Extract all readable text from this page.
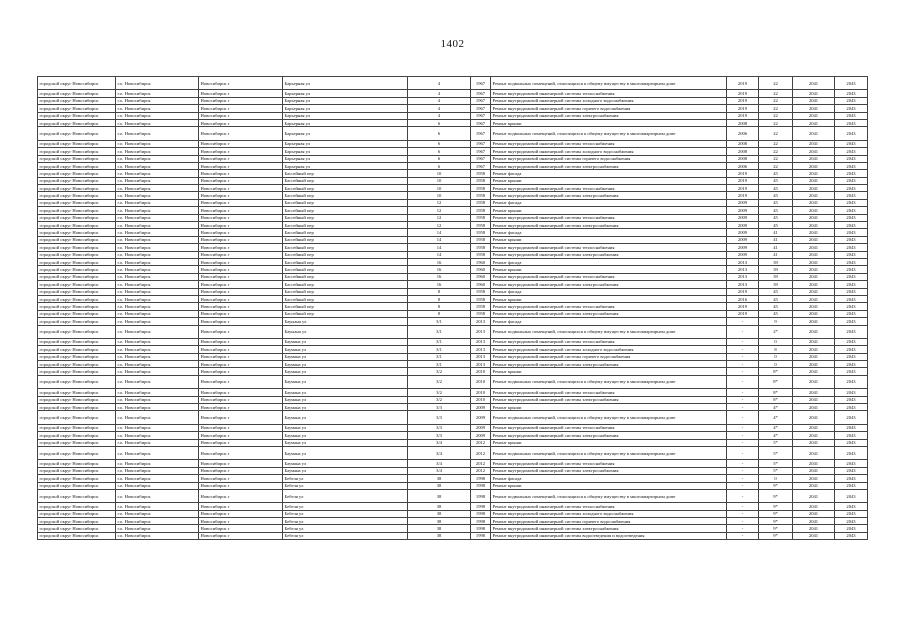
1402
городской округ Новосибирск	г.о. Новосибирск	Новосибирск г	Барьерная ул	4	1967	Ремонт подвальных помещений, относящихся к общему имуществу в многоквартирном доме	2019	22	2041	2043
городской округ Новосибирск	г.о. Новосибирск	Новосибирск г	Барьерная ул	4	1967	Ремонт внутридомовой инженерной системы теплоснабжения	2019	22	2041	2043
городской округ Новосибирск	г.о. Новосибирск	Новосибирск г	Барьерная ул	4	1967	Ремонт внутридомовой инженерной системы холодного водоснабжения	2019	22	2041	2043
городской округ Новосибирск	г.о. Новосибирск	Новосибирск г	Барьерная ул	4	1967	Ремонт внутридомовой инженерной системы горячего водоснабжения	2019	22	2041	2043
городской округ Новосибирск	г.о. Новосибирск	Новосибирск г	Барьерная ул	4	1967	Ремонт внутридомовой инженерной системы электроснабжения	2019	22	2041	2043
городской округ Новосибирск	г.о. Новосибирск	Новосибирск г	Барьерная ул	6	1967	Ремонт крыши	2008	22	2041	2043
городской округ Новосибирск	г.о. Новосибирск	Новосибирск г	Барьерная ул	6	1967	Ремонт подвальных помещений, относящихся к общему имуществу в многоквартирном доме	2006	22	2041	2043
городской округ Новосибирск	г.о. Новосибирск	Новосибирск г	Барьерная ул	6	1967	Ремонт внутридомовой инженерной системы теплоснабжения	2008	22	2041	2043
городской округ Новосибирск	г.о. Новосибирск	Новосибирск г	Барьерная ул	6	1967	Ремонт внутридомовой инженерной системы холодного водоснабжения	2008	22	2041	2043
городской округ Новосибирск	г.о. Новосибирск	Новосибирск г	Барьерная ул	6	1967	Ремонт внутридомовой инженерной системы горячего водоснабжения	2008	22	2041	2043
городской округ Новосибирск	г.о. Новосибирск	Новосибирск г	Барьерная ул	6	1967	Ремонт внутридомовой инженерной системы электроснабжения	2006	22	2041	2043
городской округ Новосибирск	г.о. Новосибирск	Новосибирск г	Бассейный пер	10	1958	Ремонт фасада	2019	45	2041	2043
городской округ Новосибирск	г.о. Новосибирск	Новосибирск г	Бассейный пер	10	1958	Ремонт крыши	2019	45	2041	2043
городской округ Новосибирск	г.о. Новосибирск	Новосибирск г	Бассейный пер	10	1958	Ремонт внутридомовой инженерной системы теплоснабжения	2019	45	2041	2043
городской округ Новосибирск	г.о. Новосибирск	Новосибирск г	Бассейный пер	10	1958	Ремонт внутридомовой инженерной системы электроснабжения	2019	45	2041	2043
городской округ Новосибирск	г.о. Новосибирск	Новосибирск г	Бассейный пер	12	1958	Ремонт фасада	2009	45	2041	2043
городской округ Новосибирск	г.о. Новосибирск	Новосибирск г	Бассейный пер	12	1958	Ремонт крыши	2009	45	2041	2043
городской округ Новосибирск	г.о. Новосибирск	Новосибирск г	Бассейный пер	12	1958	Ремонт внутридомовой инженерной системы теплоснабжения	2009	45	2041	2043
городской округ Новосибирск	г.о. Новосибирск	Новосибирск г	Бассейный пер	12	1958	Ремонт внутридомовой инженерной системы электроснабжения	2009	45	2041	2043
городской округ Новосибирск	г.о. Новосибирск	Новосибирск г	Бассейный пер	14	1958	Ремонт фасада	2009	41	2041	2043
городской округ Новосибирск	г.о. Новосибирск	Новосибирск г	Бассейный пер	14	1958	Ремонт крыши	2009	41	2041	2043
городской округ Новосибирск	г.о. Новосибирск	Новосибирск г	Бассейный пер	14	1958	Ремонт внутридомовой инженерной системы теплоснабжения	2009	41	2041	2043
городской округ Новосибирск	г.о. Новосибирск	Новосибирск г	Бассейный пер	14	1958	Ремонт внутридомовой инженерной системы электроснабжения	2009	41	2041	2043
городской округ Новосибирск	г.о. Новосибирск	Новосибирск г	Бассейный пер	16	1960	Ремонт фасада	2013	39	2041	2043
городской округ Новосибирск	г.о. Новосибирск	Новосибирск г	Бассейный пер	16	1960	Ремонт крыши	2013	39	2041	2043
городской округ Новосибирск	г.о. Новосибирск	Новосибирск г	Бассейный пер	16	1960	Ремонт внутридомовой инженерной системы теплоснабжения	2013	39	2041	2043
городской округ Новосибирск	г.о. Новосибирск	Новосибирск г	Бассейный пер	16	1960	Ремонт внутридомовой инженерной системы электроснабжения	2013	39	2041	2043
городской округ Новосибирск	г.о. Новосибирск	Новосибирск г	Бассейный пер	8	1958	Ремонт фасада	2019	45	2041	2043
городской округ Новосибирск	г.о. Новосибирск	Новосибирск г	Бассейный пер	8	1958	Ремонт крыши	2016	45	2041	2043
городской округ Новосибирск	г.о. Новосибирск	Новосибирск г	Бассейный пер	8	1958	Ремонт внутридомовой инженерной системы теплоснабжения	2019	45	2041	2043
городской округ Новосибирск	г.о. Новосибирск	Новосибирск г	Бассейный пер	8	1958	Ремонт внутридомовой инженерной системы электроснабжения	2019	45	2041	2043
городской округ Новосибирск	г.о. Новосибирск	Новосибирск г	Бауыана ул	3/1	2013	Ремонт фасада	-	9	2041	2043
городской округ Новосибирск	г.о. Новосибирск	Новосибирск г	Бауыана ул	3/1	2013	Ремонт подвальных помещений, относящихся к общему имуществу в многоквартирном доме	-	2*	2041	2043
городской округ Новосибирск	г.о. Новосибирск	Новосибирск г	Баумана ул	3/1	2013	Ремонт внутридомовой инженерной системы теплоснабжения	-	0	2041	2043
городской округ Новосибирск	г.о. Новосибирск	Новосибирск г	Баумана ул	3/1	2013	Ремонт внутридомовой инженерной системы холодного водоснабжения	-	8	2041	2043
городской округ Новосибирск	г.о. Новосибирск	Новосибирск г	Баумана ул	3/1	2013	Ремонт внутридомовой инженерной системы горячего водоснабжения	-	0	2041	2043
городской округ Новосибирск	г.о. Новосибирск	Новосибирск г	Баумана ул	3/1	2013	Ремонт внутридомовой инженерной системы электроснабжения	-	0	2041	2043
городской округ Новосибирск	г.о. Новосибирск	Новосибирск г	Баумана ул	3/2	2010	Ремонт крыши	-	8*	2041	2043
городской округ Новосибирск	г.о. Новосибирск	Новосибирск г	Баумана ул	3/2	2010	Ремонт подвальных помещений, относящихся к общему имуществу в многоквартирном доме	-	8*	2041	2043
городской округ Новосибирск	г.о. Новосибирск	Новосибирск г	Баумана ул	3/2	2010	Ремонт внутридомовой инженерной системы теплоснабжения	-	8*	2041	2043
городской округ Новосибирск	г.о. Новосибирск	Новосибирск г	Баумана ул	3/2	2010	Ремонт внутридомовой инженерной системы электроснабжения	-	8*	2041	2043
городской округ Новосибирск	г.о. Новосибирск	Новосибирск г	Баумана ул	3/3	2009	Ремонт крыши	-	4*	2041	2043
городской округ Новосибирск	г.о. Новосибирск	Новосибирск г	Баумана ул	3/3	2009	Ремонт подвальных помещений, относящихся к общему имуществу в многоквартирном доме	-	4*	2041	2043
городской округ Новосибирск	г.о. Новосибирск	Новосибирск г	Баумана ул	3/3	2009	Ремонт внутридомовой инженерной системы теплоснабжения	-	4*	2041	2043
городской округ Новосибирск	г.о. Новосибирск	Новосибирск г	Баумана ул	3/3	2009	Ремонт внутридомовой инженерной системы электроснабжения	-	4*	2041	2043
городской округ Новосибирск	г.о. Новосибирск	Новосибирск г	Баумана ул	3/4	2012	Ремонт крыши	-	5*	2041	2043
городской округ Новосибирск	г.о. Новосибирск	Новосибирск г	Баумана ул	3/4	2012	Ремонт подвальных помещений, относящихся к общему имуществу в многоквартирном доме	-	5*	2041	2043
городской округ Новосибирск	г.о. Новосибирск	Новосибирск г	Баумана ул	3/4	2012	Ремонт внутридомовой инженерной системы теплоснабжения	-	5*	2041	2043
городской округ Новосибирск	г.о. Новосибирск	Новосибирск г	Баумана ул	3/4	2012	Ремонт внутридомовой инженерной системы электроснабжения	-	5*	2041	2043
городской округ Новосибирск	г.о. Новосибирск	Новосибирск г	Бебеля ул	38	1998	Ремонт фасада	-	0	2041	2043
городской округ Новосибирск	г.о. Новосибирск	Новосибирск г	Бебеля ул	38	1998	Ремонт крыши	-	9*	2041	2043
городской округ Новосибирск	г.о. Новосибирск	Новосибирск г	Бебеля ул	38	1998	Ремонт подвальных помещений, относящихся к общему имуществу в многоквартирном доме	-	9*	2041	2043
городской округ Новосибирск	г.о. Новосибирск	Новосибирск г	Бебеля ул	38	1998	Ремонт внутридомовой инженерной системы теплоснабжения	-	9*	2041	2043
городской округ Новосибирск	г.о. Новосибирск	Новосибирск г	Бебеля ул	38	1998	Ремонт внутридомовой инженерной системы холодного водоснабжения	-	9*	2041	2043
городской округ Новосибирск	г.о. Новосибирск	Новосибирск г	Бебеля ул	38	1998	Ремонт внутридомовой инженерной системы горячего водоснабжения	-	9*	2041	2043
городской округ Новосибирск	г.о. Новосибирск	Новосибирск г	Бебеля ул	38	1998	Ремонт внутридомовой инженерной системы электроснабжения	-	9*	2041	2043
городской округ Новосибирск	г.о. Новосибирск	Новосибирск г	Бебеля ул	38	1998	Ремонт внутридомовой инженерной системы водоотведения и водоотведения	-	9*	2041	2043
